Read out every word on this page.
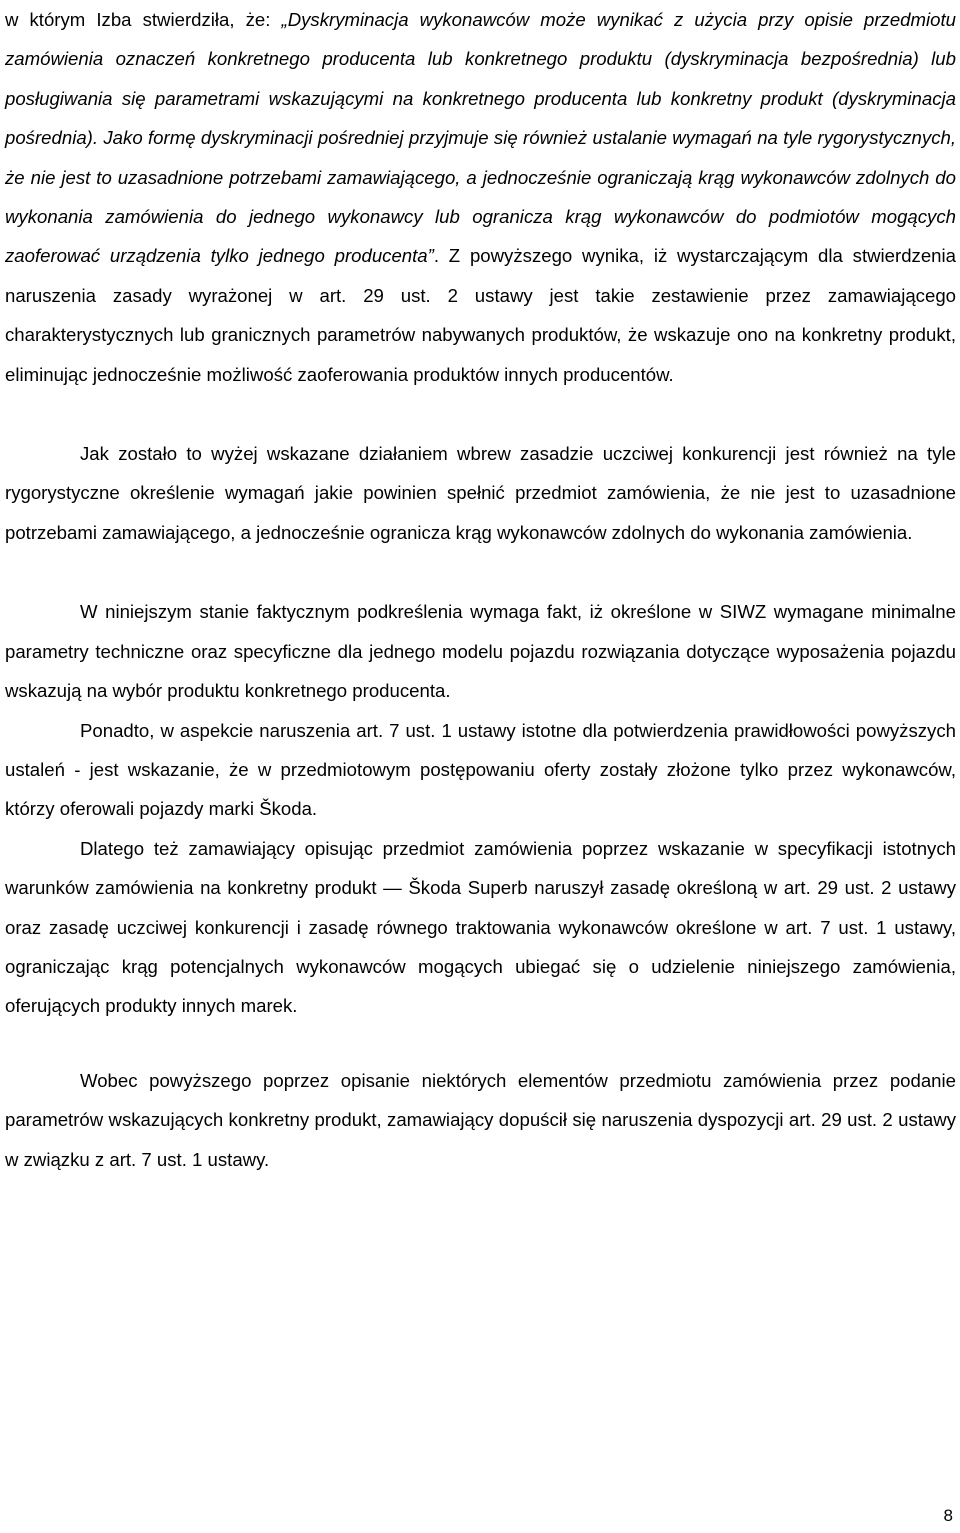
w którym Izba stwierdziła, że: „Dyskryminacja wykonawców może wynikać z użycia przy opisie przedmiotu zamówienia oznaczeń konkretnego producenta lub konkretnego produktu (dyskryminacja bezpośrednia) lub posługiwania się parametrami wskazującymi na konkretnego producenta lub konkretny produkt (dyskryminacja pośrednia). Jako formę dyskryminacji pośredniej przyjmuje się również ustalanie wymagań na tyle rygorystycznych, że nie jest to uzasadnione potrzebami zamawiającego, a jednocześnie ograniczają krąg wykonawców zdolnych do wykonania zamówienia do jednego wykonawcy lub ogranicza krąg wykonawców do podmiotów mogących zaoferować urządzenia tylko jednego producenta”. Z powyższego wynika, iż wystarczającym dla stwierdzenia naruszenia zasady wyrażonej w art. 29 ust. 2 ustawy jest takie zestawienie przez zamawiającego charakterystycznych lub granicznych parametrów nabywanych produktów, że wskazuje ono na konkretny produkt, eliminując jednocześnie możliwość zaoferowania produktów innych producentów.

Jak zostało to wyżej wskazane działaniem wbrew zasadzie uczciwej konkurencji jest również na tyle rygorystyczne określenie wymagań jakie powinien spełnić przedmiot zamówienia, że nie jest to uzasadnione potrzebami zamawiającego, a jednocześnie ogranicza krąg wykonawców zdolnych do wykonania zamówienia.

W niniejszym stanie faktycznym podkreślenia wymaga fakt, iż określone w SIWZ wymagane minimalne parametry techniczne oraz specyficzne dla jednego modelu pojazdu rozwiązania dotyczące wyposażenia pojazdu wskazują na wybór produktu konkretnego producenta.

Ponadto, w aspekcie naruszenia art. 7 ust. 1 ustawy istotne dla potwierdzenia prawidłowości powyższych ustaleń - jest wskazanie, że w przedmiotowym postępowaniu oferty zostały złożone tylko przez wykonawców, którzy oferowali pojazdy marki Škoda.

Dlatego też zamawiający opisując przedmiot zamówienia poprzez wskazanie w specyfikacji istotnych warunków zamówienia na konkretny produkt — Škoda Superb naruszył zasadę określoną w art. 29 ust. 2 ustawy oraz zasadę uczciwej konkurencji i zasadę równego traktowania wykonawców określone w art. 7 ust. 1 ustawy, ograniczając krąg potencjalnych wykonawców mogących ubiegać się o udzielenie niniejszego zamówienia, oferujących produkty innych marek.

Wobec powyższego poprzez opisanie niektórych elementów przedmiotu zamówienia przez podanie parametrów wskazujących konkretny produkt, zamawiający dopuścił się naruszenia dyspozycji art. 29 ust. 2 ustawy w związku z art. 7 ust. 1 ustawy.

8
